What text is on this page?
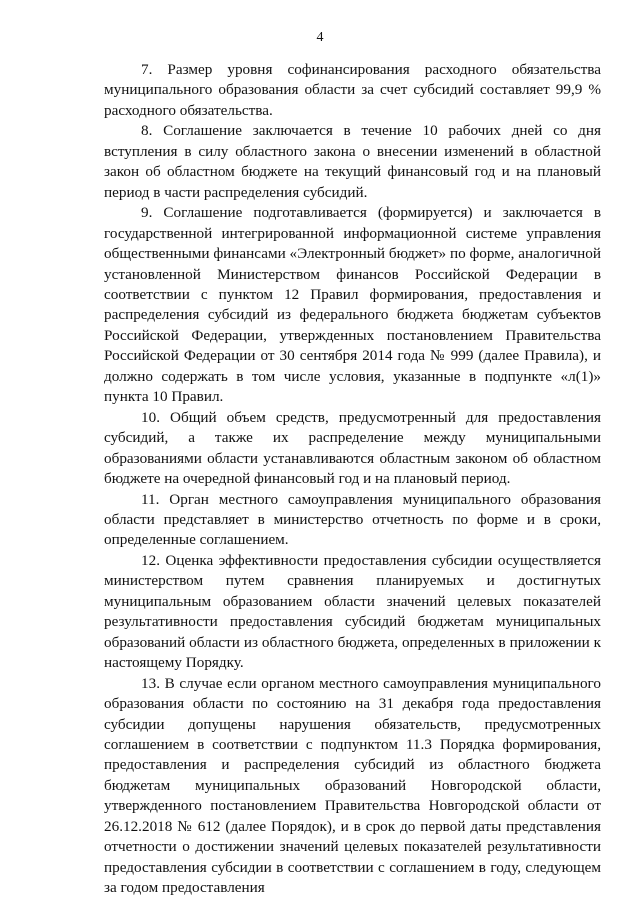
4

7. Размер уровня софинансирования расходного обязательства муниципального образования области за счет субсидий составляет 99,9 % расходного обязательства.

8. Соглашение заключается в течение 10 рабочих дней со дня вступления в силу областного закона о внесении изменений в областной закон об областном бюджете на текущий финансовый год и на плановый период в части распределения субсидий.

9. Соглашение подготавливается (формируется) и заключается в государственной интегрированной информационной системе управления общественными финансами «Электронный бюджет» по форме, аналогичной установленной Министерством финансов Российской Федерации в соответствии с пунктом 12 Правил формирования, предоставления и распределения субсидий из федерального бюджета бюджетам субъектов Российской Федерации, утвержденных постановлением Правительства Российской Федерации от 30 сентября 2014 года № 999 (далее Правила), и должно содержать в том числе условия, указанные в подпункте «л(1)» пункта 10 Правил.

10. Общий объем средств, предусмотренный для предоставления субсидий, а также их распределение между муниципальными образованиями области устанавливаются областным законом об областном бюджете на очередной финансовый год и на плановый период.

11. Орган местного самоуправления муниципального образования области представляет в министерство отчетность по форме и в сроки, определенные соглашением.

12. Оценка эффективности предоставления субсидии осуществляется министерством путем сравнения планируемых и достигнутых муниципальным образованием области значений целевых показателей результативности предоставления субсидий бюджетам муниципальных образований области из областного бюджета, определенных в приложении к настоящему Порядку.

13. В случае если органом местного самоуправления муниципального образования области по состоянию на 31 декабря года предоставления субсидии допущены нарушения обязательств, предусмотренных соглашением в соответствии с подпунктом 11.3 Порядка формирования, предоставления и распределения субсидий из областного бюджета бюджетам муниципальных образований Новгородской области, утвержденного постановлением Правительства Новгородской области от 26.12.2018 № 612 (далее Порядок), и в срок до первой даты представления отчетности о достижении значений целевых показателей результативности предоставления субсидии в соответствии с соглашением в году, следующем за годом предоставления
